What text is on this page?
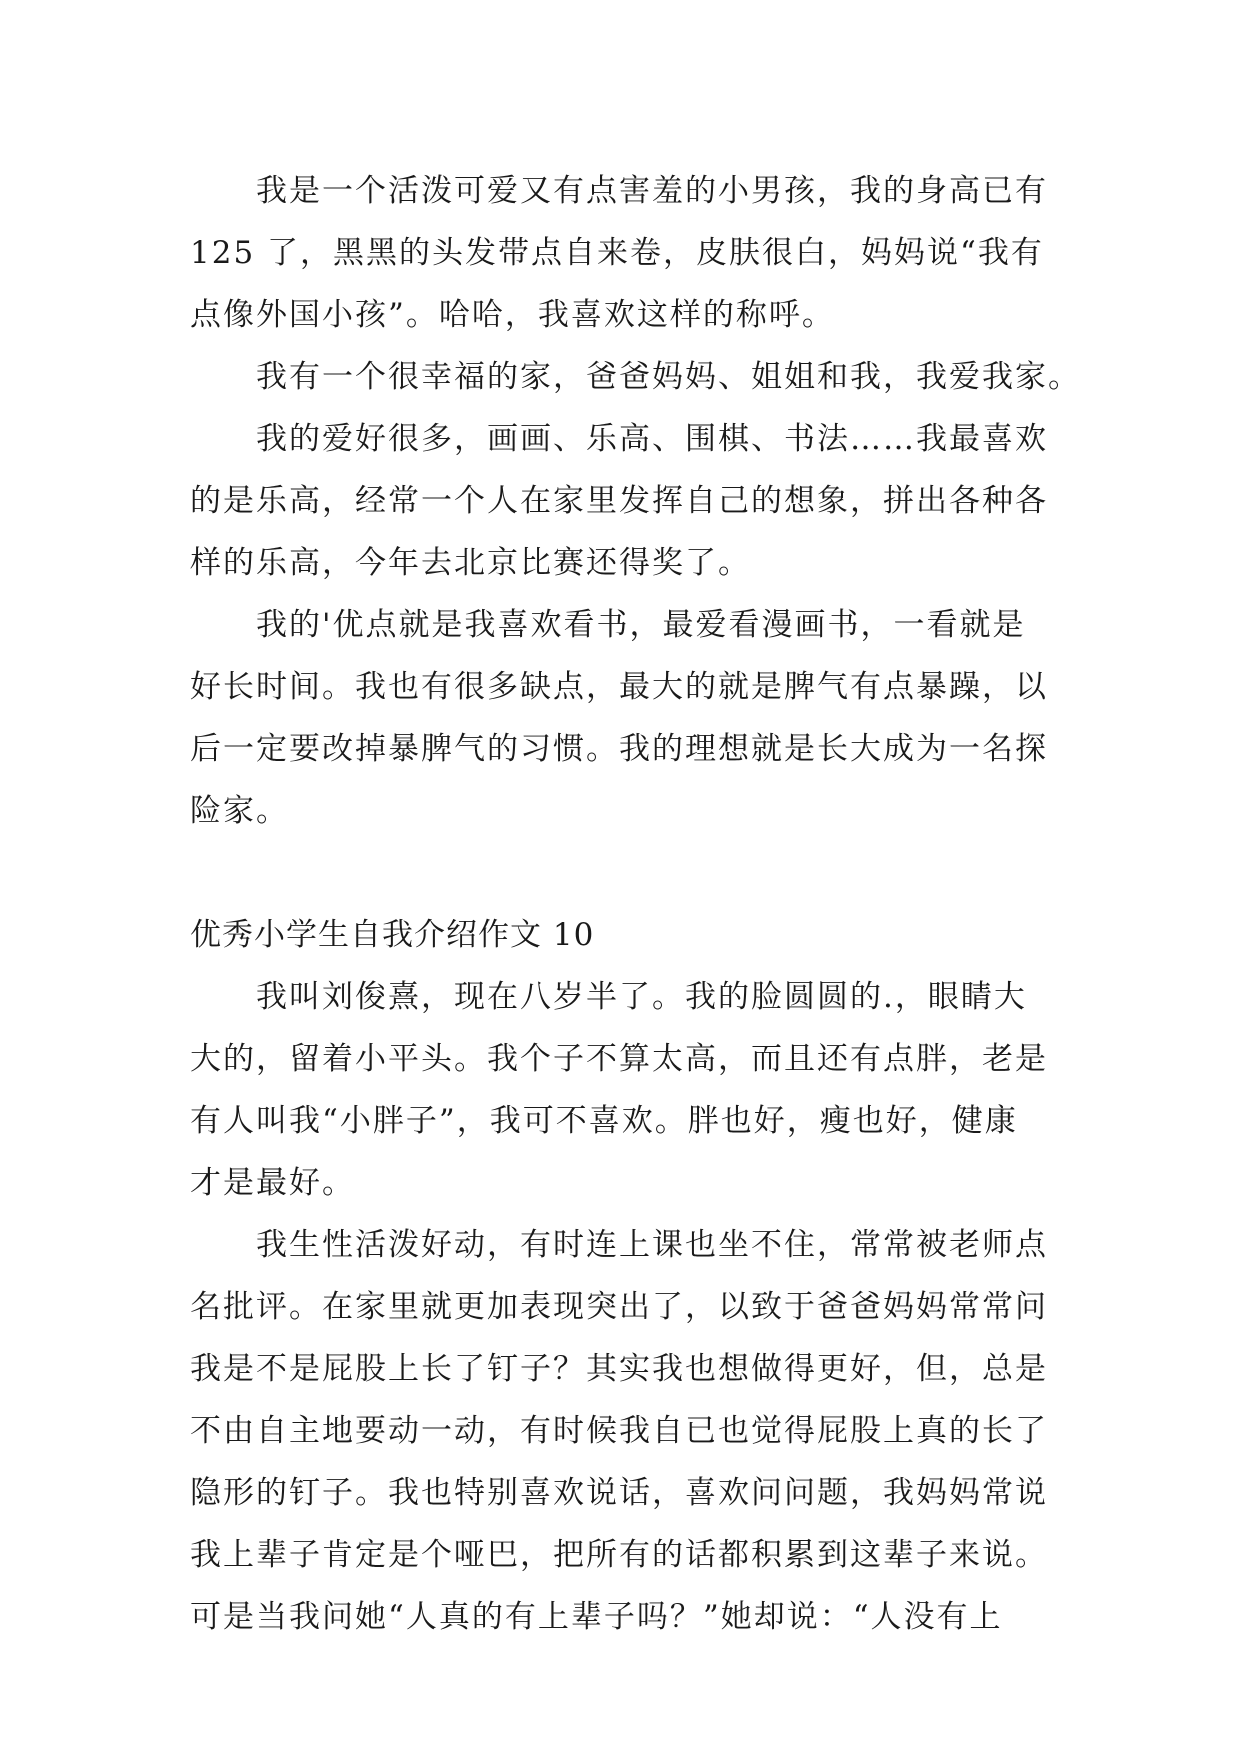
我是一个活泼可爱又有点害羞的小男孩，我的身高已有
125 了，黑黑的头发带点自来卷，皮肤很白，妈妈说“我有
点像外国小孩”。哈哈，我喜欢这样的称呼。
我有一个很幸福的家，爸爸妈妈、姐姐和我，我爱我家。
我的爱好很多，画画、乐高、围棋、书法……我最喜欢
的是乐高，经常一个人在家里发挥自己的想象，拼出各种各
样的乐高，今年去北京比赛还得奖了。
我的'优点就是我喜欢看书，最爱看漫画书，一看就是
好长时间。我也有很多缺点，最大的就是脾气有点暴躁，以
后一定要改掉暴脾气的习惯。我的理想就是长大成为一名探
险家。
优秀小学生自我介绍作文 10
我叫刘俊熹，现在八岁半了。我的脸圆圆的.，眼睛大
大的，留着小平头。我个子不算太高，而且还有点胖，老是
有人叫我“小胖子”，我可不喜欢。胖也好，瘦也好，健康
才是最好。
我生性活泼好动，有时连上课也坐不住，常常被老师点
名批评。在家里就更加表现突出了，以致于爸爸妈妈常常问
我是不是屁股上长了钉子？其实我也想做得更好，但，总是
不由自主地要动一动，有时候我自已也觉得屁股上真的长了
隐形的钉子。我也特别喜欢说话，喜欢问问题，我妈妈常说
我上辈子肯定是个哑巴，把所有的话都积累到这辈子来说。
可是当我问她“人真的有上辈子吗？”她却说：“人没有上
